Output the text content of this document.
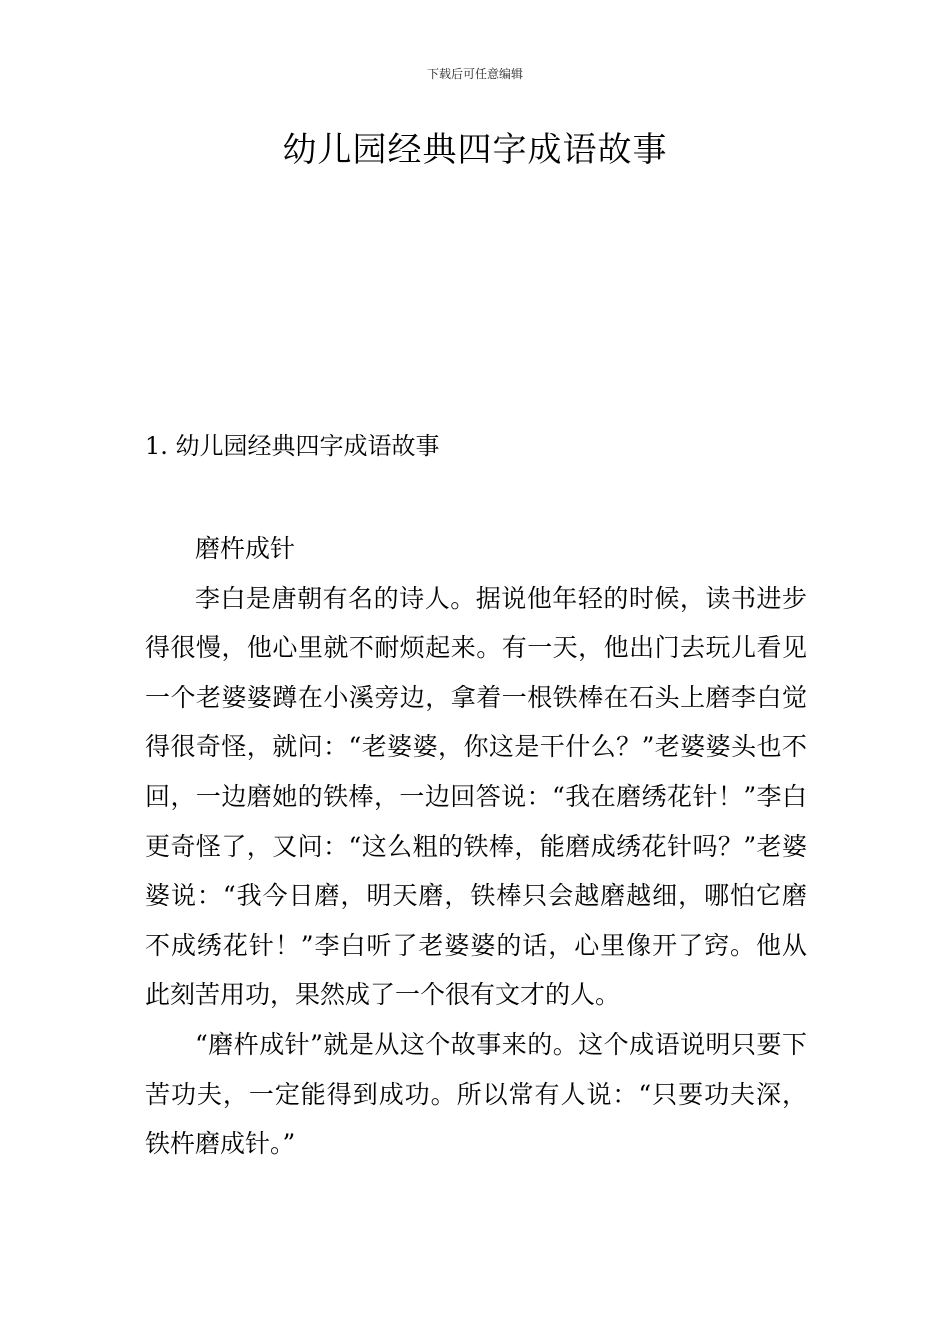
下载后可任意编辑
幼儿园经典四字成语故事
1. 幼儿园经典四字成语故事

磨杵成针

李白是唐朝有名的诗人。据说他年轻的时候，读书进步得很慢，他心里就不耐烦起来。有一天，他出门去玩儿看见一个老婆婆蹲在小溪旁边，拿着一根铁棒在石头上磨李白觉得很奇怪，就问：“老婆婆，你这是干什么？”老婆婆头也不回，一边磨她的铁棒，一边回答说：“我在磨绣花针！”李白更奇怪了，又问：“这么粗的铁棒，能磨成绣花针吗？”老婆婆说：“我今日磨，明天磨，铁棒只会越磨越细，哪怕它磨不成绣花针！”李白听了老婆婆的话，心里像开了窍。他从此刻苦用功，果然成了一个很有文才的人。

“磨杵成针”就是从这个故事来的。这个成语说明只要下苦功夫，一定能得到成功。所以常有人说：“只要功夫深，铁杵磨成针。”
